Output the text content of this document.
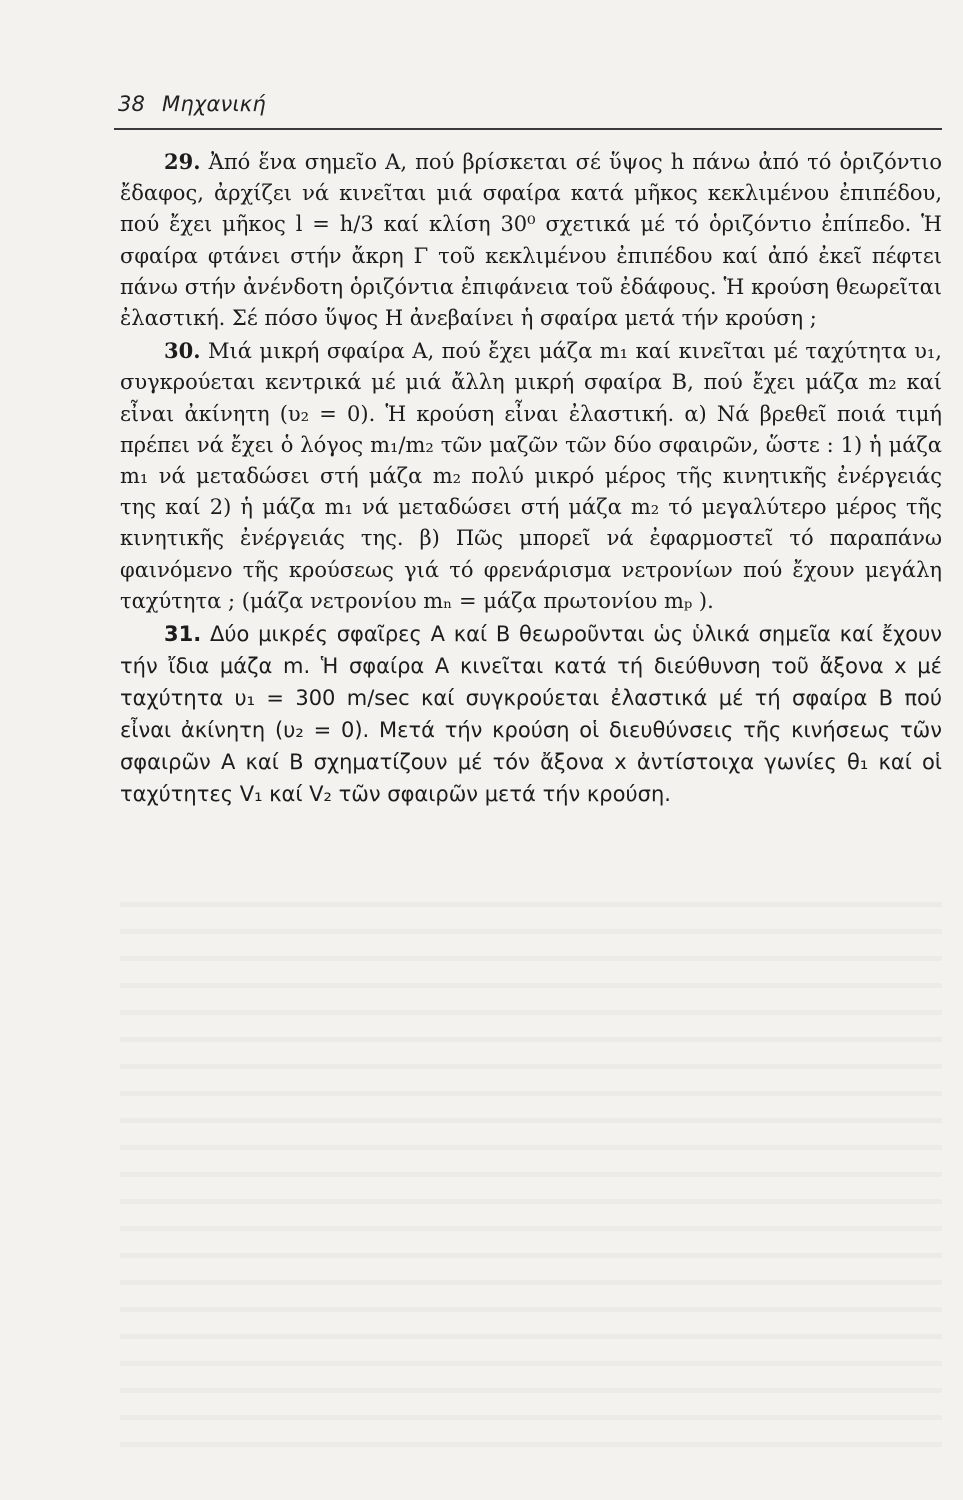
38 Μηχανική

29. Ἀπό ἕνα σημεῖο Α, πού βρίσκεται σέ ὕψος h πάνω ἀπό τό ὁριζόντιο ἔδαφος, ἀρχίζει νά κινεῖται μιά σφαίρα κατά μῆκος κεκλιμένου ἐπιπέδου, πού ἔχει μῆκος l = h/3 καί κλίση 30⁰ σχετικά μέ τό ὁριζόντιο ἐπίπεδο. Ἡ σφαίρα φτάνει στήν ἄκρη Γ τοῦ κεκλιμένου ἐπιπέδου καί ἀπό ἐκεῖ πέφτει πάνω στήν ἀνένδοτη ὁριζόντια ἐπιφάνεια τοῦ ἐδάφους. Ἡ κρούση θεωρεῖται ἐλαστική. Σέ πόσο ὕψος Η ἀνεβαίνει ἡ σφαίρα μετά τήν κρούση ;

30. Μιά μικρή σφαίρα Α, πού ἔχει μάζα m₁ καί κινεῖται μέ ταχύτητα υ₁, συγκρούεται κεντρικά μέ μιά ἄλλη μικρή σφαίρα Β, πού ἔχει μάζα m₂ καί εἶναι ἀκίνητη (υ₂ = 0). Ἡ κρούση εἶναι ἐλαστική. α) Νά βρεθεῖ ποιά τιμή πρέπει νά ἔχει ὁ λόγος m₁/m₂ τῶν μαζῶν τῶν δύο σφαιρῶν, ὥστε : 1) ἡ μάζα m₁ νά μεταδώσει στή μάζα m₂ πολύ μικρό μέρος τῆς κινητικῆς ἐνέργειάς της καί 2) ἡ μάζα m₁ νά μεταδώσει στή μάζα m₂ τό μεγαλύτερο μέρος τῆς κινητικῆς ἐνέργειάς της. β) Πῶς μπορεῖ νά ἐφαρμοστεῖ τό παραπάνω φαινόμενο τῆς κρούσεως γιά τό φρενάρισμα νετρονίων πού ἔχουν μεγάλη ταχύτητα ; (μάζα νετρονίου mₙ = μάζα πρωτονίου mₚ ).

31. Δύο μικρές σφαῖρες Α καί Β θεωροῦνται ὡς ὑλικά σημεῖα καί ἔχουν τήν ἴδια μάζα m. Ἡ σφαίρα Α κινεῖται κατά τή διεύθυνση τοῦ ἄξονα x μέ ταχύτητα υ₁ = 300 m/sec καί συγκρούεται ἐλαστικά μέ τή σφαίρα Β πού εἶναι ἀκίνητη (υ₂ = 0). Μετά τήν κρούση οἱ διευθύνσεις τῆς κινήσεως τῶν σφαιρῶν Α καί Β σχηματίζουν μέ τόν ἄξονα x ἀντίστοιχα γωνίες θ₁ καί οἱ ταχύτητες V₁ καί V₂ τῶν σφαιρῶν μετά τήν κρούση.
